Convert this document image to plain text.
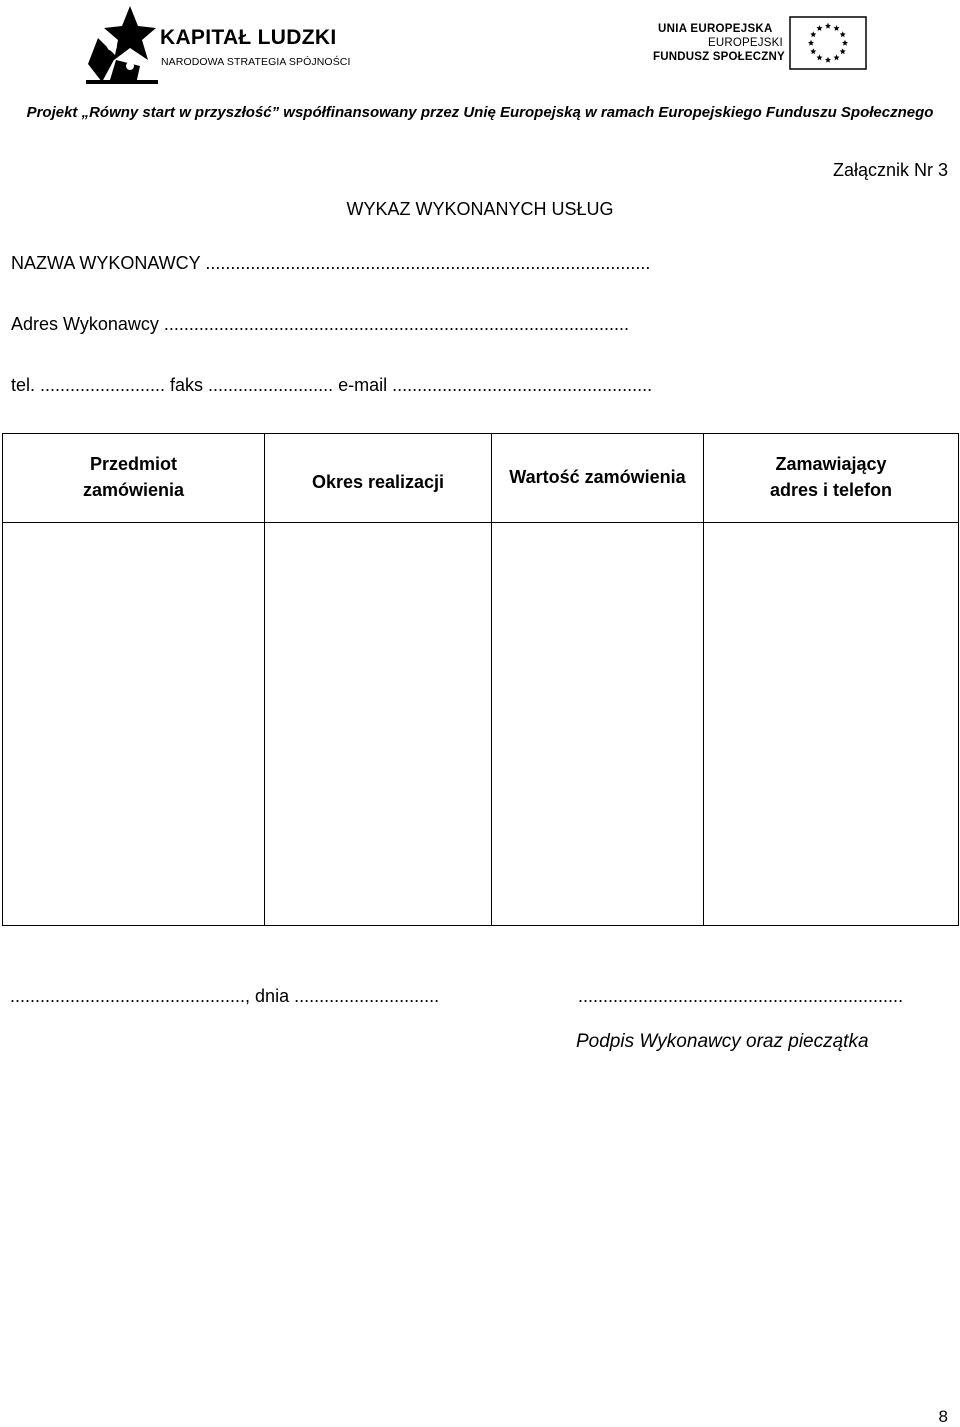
KAPITAŁ LUDZKI
NARODOWA STRATEGIA SPÓJNOŚCI
UNIA EUROPEJSKA
EUROPEJSKI
FUNDUSZ SPOŁECZNY
Projekt „Równy start w przyszłość” współfinansowany przez Unię Europejską w ramach Europejskiego Funduszu Społecznego
Załącznik Nr 3
WYKAZ WYKONANYCH USŁUG
NAZWA WYKONAWCY .........................................................................................
Adres Wykonawcy .............................................................................................
tel. ......................... faks ......................... e-mail ....................................................
Przedmiot
zamówienia	Okres realizacji	Wartość zamówienia	Zamawiający
adres i telefon

..............................................., dnia .............................	.................................................................
Podpis Wykonawcy oraz pieczątka
8
